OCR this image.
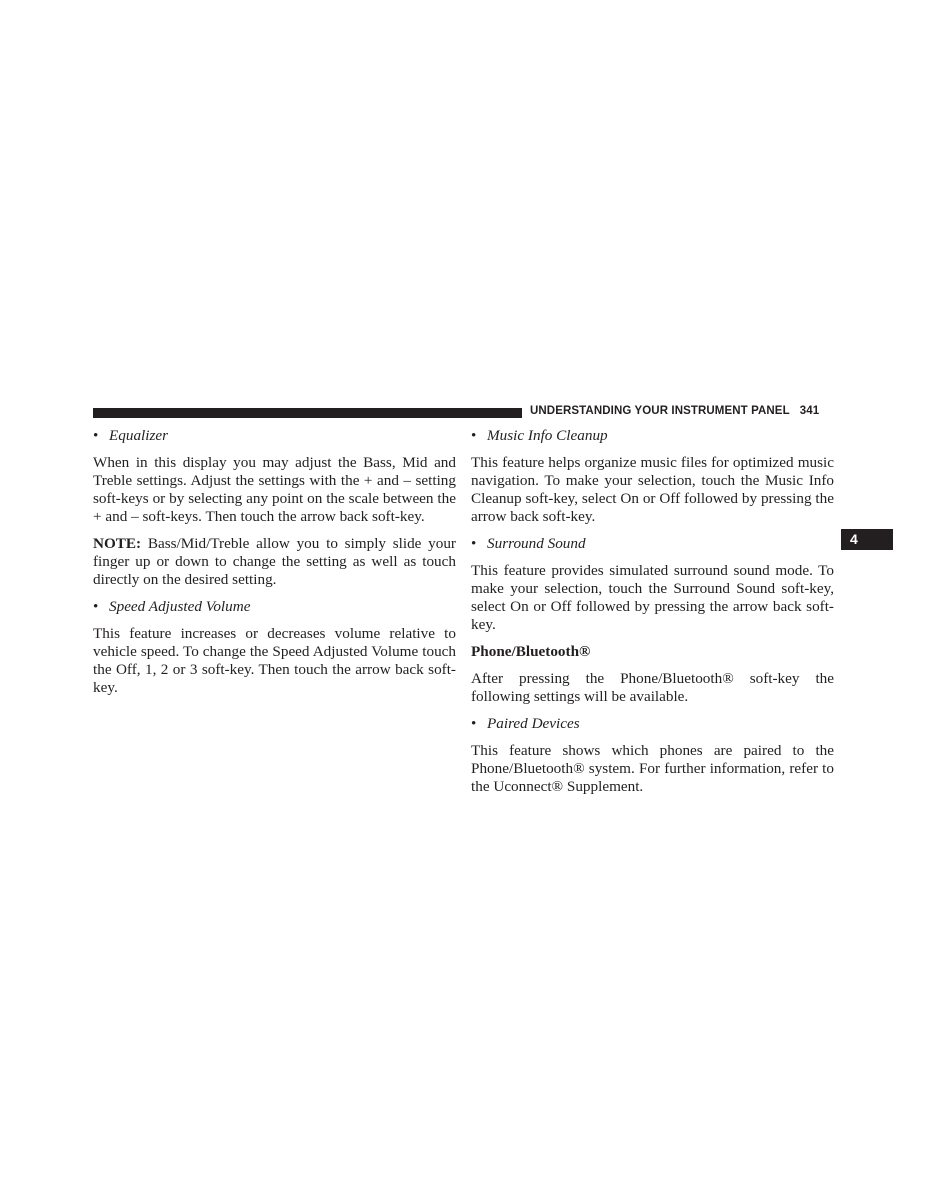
UNDERSTANDING YOUR INSTRUMENT PANEL 341
4
• Equalizer

When in this display you may adjust the Bass, Mid and Treble settings. Adjust the settings with the + and – setting soft-keys or by selecting any point on the scale between the + and – soft-keys. Then touch the arrow back soft-key.

NOTE: Bass/Mid/Treble allow you to simply slide your finger up or down to change the setting as well as touch directly on the desired setting.

• Speed Adjusted Volume

This feature increases or decreases volume relative to vehicle speed. To change the Speed Adjusted Volume touch the Off, 1, 2 or 3 soft-key. Then touch the arrow back soft-key.

• Music Info Cleanup

This feature helps organize music files for optimized music navigation. To make your selection, touch the Music Info Cleanup soft-key, select On or Off followed by pressing the arrow back soft-key.

• Surround Sound

This feature provides simulated surround sound mode. To make your selection, touch the Surround Sound soft-key, select On or Off followed by pressing the arrow back soft-key.

Phone/Bluetooth®

After pressing the Phone/Bluetooth® soft-key the following settings will be available.

• Paired Devices

This feature shows which phones are paired to the Phone/Bluetooth® system. For further information, refer to the Uconnect® Supplement.
